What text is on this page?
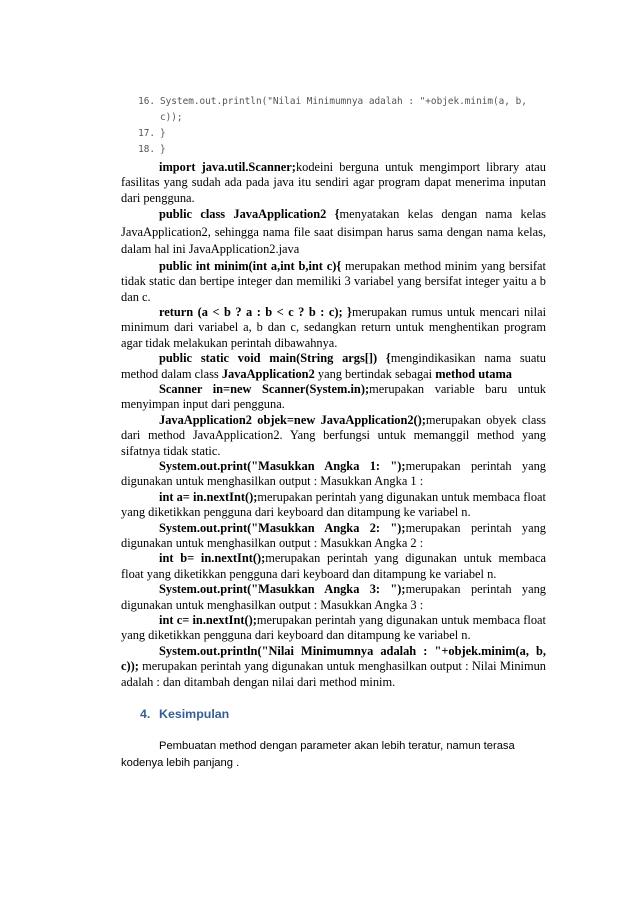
16. System.out.println("Nilai Minimumnya adalah : "+objek.minim(a, b,
c));
17. }
18. }

import java.util.Scanner;kodeini berguna untuk mengimport library atau fasilitas yang sudah ada pada java itu sendiri agar program dapat menerima inputan dari pengguna.

public class JavaApplication2 {menyatakan kelas dengan nama kelas JavaApplication2, sehingga nama file saat disimpan harus sama dengan nama kelas, dalam hal ini JavaApplication2.java

public int minim(int a,int b,int c){ merupakan method minim yang bersifat tidak static dan bertipe integer dan memiliki 3 variabel yang bersifat integer yaitu a b dan c.

return (a < b ? a : b < c ? b : c); }merupakan rumus untuk mencari nilai minimum dari variabel a, b dan c, sedangkan return untuk menghentikan program agar tidak melakukan perintah dibawahnya.

public static void main(String args[]) {mengindikasikan nama suatu method dalam class JavaApplication2 yang bertindak sebagai method utama

Scanner in=new Scanner(System.in);merupakan variable baru untuk menyimpan input dari pengguna.

JavaApplication2 objek=new JavaApplication2();merupakan obyek class dari method JavaApplication2. Yang berfungsi untuk memanggil method yang sifatnya tidak static.

System.out.print("Masukkan Angka 1: ");merupakan perintah yang digunakan untuk menghasilkan output : Masukkan Angka 1 :

int a= in.nextInt();merupakan perintah yang digunakan untuk membaca float yang diketikkan pengguna dari keyboard dan ditampung ke variabel n.

System.out.print("Masukkan Angka 2: ");merupakan perintah yang digunakan untuk menghasilkan output : Masukkan Angka 2 :

int b= in.nextInt();merupakan perintah yang digunakan untuk membaca float yang diketikkan pengguna dari keyboard dan ditampung ke variabel n.

System.out.print("Masukkan Angka 3: ");merupakan perintah yang digunakan untuk menghasilkan output : Masukkan Angka 3 :

int c= in.nextInt();merupakan perintah yang digunakan untuk membaca float yang diketikkan pengguna dari keyboard dan ditampung ke variabel n.

System.out.println("Nilai Minimumnya adalah : "+objek.minim(a, b, c)); merupakan perintah yang digunakan untuk menghasilkan output : Nilai Minimun adalah : dan ditambah dengan nilai dari method minim.

4. Kesimpulan

Pembuatan method dengan parameter akan lebih teratur, namun terasa kodenya lebih panjang .
